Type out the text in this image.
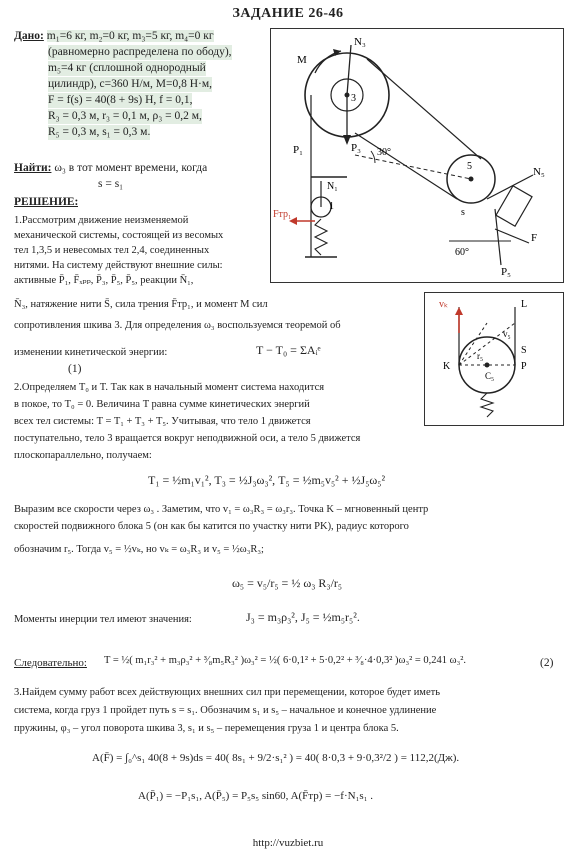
ЗАДАНИЕ 26-46
Дано: m₁=6 кг, m₂=0 кг, m₃=5 кг, m₄=0 кг
(равномерно распределена по ободу),
m₅=4 кг (сплошной однородный
цилиндр), c=360 Н/м, M=0,8 Н·м,
F = f(s) = 40(8 + 9s) Н, f = 0,1,
R₃ = 0,3 м, r₃ = 0,1 м, ρ₃ = 0,2 м,
R₅ = 0,3 м, s₁ = 0,3 м.
Найти: ω₃ в тот момент времени, когда
s = s₁
РЕШЕНИЕ:
1.Рассмотрим движение неизменяемой
механической системы, состоящей из весомых
тел 1,3,5 и невесомых тел 2,4, соединенных
нитями. На систему действуют внешние силы:
активные P̄₁, F̄ₓₚₚ, P̄₃, P̄₅, P̄₅, реакции N̄₁,
N̄₃, натяжение нити S̄, сила трения F̄тр₁, и момент M сил
сопротивления шкива 3. Для определения ω₃ воспользуемся теоремой об
изменении кинетической энергии:	T − T₀ = ΣAᵢᵉ
(1)
2.Определяем T₀ и T. Так как в начальный момент система находится
в покое, то T₀ = 0. Величина T равна сумме кинетических энергий
всех тел системы: T = T₁ + T₃ + T₅. Учитывая, что тело 1 движется
поступательно, тело 3 вращается вокруг неподвижной оси, а тело 5 движется
плоскопараллельно, получаем:
T₁ = ½m₁v₁², T₃ = ½J₃ω₃², T₅ = ½m₅v₅² + ½J₅ω₅²
Выразим все скорости через ω₃ . Заметим, что v₁ = ω₃R₃ = ω₃r₃. Точка K – мгновенный центр
скоростей подвижного блока 5 (он как бы катится по участку нити PK), радиус которого
обозначим r₅. Тогда v₅ = ½vₖ, но vₖ = ω₃R₃ и v₅ = ½ω₃R₃;
ω₅ = v₅/r₅ = ½ ω₃ R₃/r₅
Моменты инерции тел имеют значения:	J₃ = m₃ρ₃², J₅ = ½m₅r₅².
Следовательно: T = ½( m₁r₃² + m₃ρ₃² + ³⁄₈m₅R₃² )ω₃² = ½( 6·0,1² + 5·0,2² + ³⁄₈·4·0,3² )ω₃² = 0,241 ω₃².	(2)
3.Найдем сумму работ всех действующих внешних сил при перемещении, которое будет иметь
система, когда груз 1 пройдет путь s = s₁. Обозначим s₁ и s₅ – начальное и конечное удлинение
пружины, φ₃ – угол поворота шкива 3, s₁ и s₅ – перемещения груза 1 и центра блока 5.
A(F̄) = ∫₀^s₁ 40(8 + 9s)ds = 40( 8s₁ + 9/2·s₁² ) = 40( 8·0,3 + 9·0,3²/2 ) = 112,2(Дж).
A(P̄₁) = −P₁s₁, A(P̄₅) = P₅s₅ sin60, A(F̄тр) = −f·N₁s₁ .
http://vuzbiet.ru
N₃
M
3
P₃
P₁
N₁
1
Fтр₁
30°
5	N₅
F
P₅
s
60°
vₖ	L
S
K
r₅
C₅
v₅
P
